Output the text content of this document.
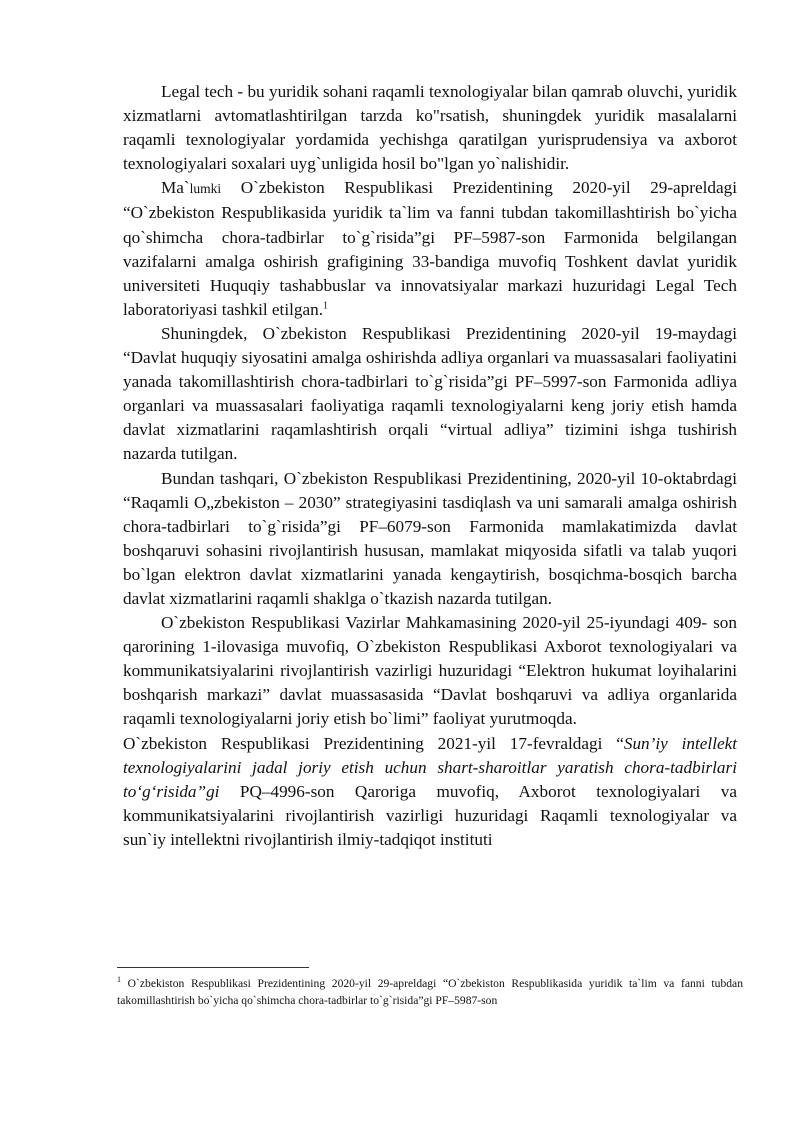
Legal tech - bu yuridik sohani raqamli texnologiyalar bilan qamrab oluvchi, yuridik xizmatlarni avtomatlashtirilgan tarzda ko"rsatish, shuningdek yuridik masalalarni raqamli texnologiyalar yordamida yechishga qaratilgan yurisprudensiya va axborot texnologiyalari soxalari uyg`unligida hosil bo"lgan yo`nalishidir.

Ma`lumki O`zbekiston Respublikasi Prezidentining 2020-yil 29-apreldagi “O`zbekiston Respublikasida yuridik ta`lim va fanni tubdan takomillashtirish bo`yicha qo`shimcha chora-tadbirlar to`g`risida”gi PF–5987-son Farmonida belgilangan vazifalarni amalga oshirish grafigining 33-bandiga muvofiq Toshkent davlat yuridik universiteti Huquqiy tashabbuslar va innovatsiyalar markazi huzuridagi Legal Tech laboratoriyasi tashkil etilgan.$^1$

Shuningdek, O`zbekiston Respublikasi Prezidentining 2020-yil 19-maydagi “Davlat huquqiy siyosatini amalga oshirishda adliya organlari va muassasalari faoliyatini yanada takomillashtirish chora-tadbirlari to`g`risida”gi PF–5997-son Farmonida adliya organlari va muassasalari faoliyatiga raqamli texnologiyalarni keng joriy etish hamda davlat xizmatlarini raqamlashtirish orqali “virtual adliya” tizimini ishga tushirish nazarda tutilgan.

Bundan tashqari, O`zbekiston Respublikasi Prezidentining, 2020-yil 10-oktabrdagi “Raqamli O„zbekiston – 2030” strategiyasini tasdiqlash va uni samarali amalga oshirish chora-tadbirlari to`g`risida”gi PF–6079-son Farmonida mamlakatimizda davlat boshqaruvi sohasini rivojlantirish hususan, mamlakat miqyosida sifatli va talab yuqori bo`lgan elektron davlat xizmatlarini yanada kengaytirish, bosqichma-bosqich barcha davlat xizmatlarini raqamli shaklga o`tkazish nazarda tutilgan.

O`zbekiston Respublikasi Vazirlar Mahkamasining 2020-yil 25-iyundagi 409- son qarorining 1-ilovasiga muvofiq, O`zbekiston Respublikasi Axborot texnologiyalari va kommunikatsiyalarini rivojlantirish vazirligi huzuridagi “Elektron hukumat loyihalarini boshqarish markazi” davlat muassasasida “Davlat boshqaruvi va adliya organlarida raqamli texnologiyalarni joriy etish bo`limi” faoliyat yurutmoqda.

O`zbekiston Respublikasi Prezidentining 2021-yil 17-fevraldagi “Sun’iy intellekt texnologiyalarini jadal joriy etish uchun shart-sharoitlar yaratish chora-tadbirlari to‘g‘risida”gi PQ–4996-son Qaroriga muvofiq, Axborot texnologiyalari va kommunikatsiyalarini rivojlantirish vazirligi huzuridagi Raqamli texnologiyalar va sun`iy intellektni rivojlantirish ilmiy-tadqiqot instituti

$^1$ O`zbekiston Respublikasi Prezidentining 2020-yil 29-apreldagi “O`zbekiston Respublikasida yuridik ta`lim va fanni tubdan takomillashtirish bo`yicha qo`shimcha chora-tadbirlar to`g`risida”gi PF–5987-son
